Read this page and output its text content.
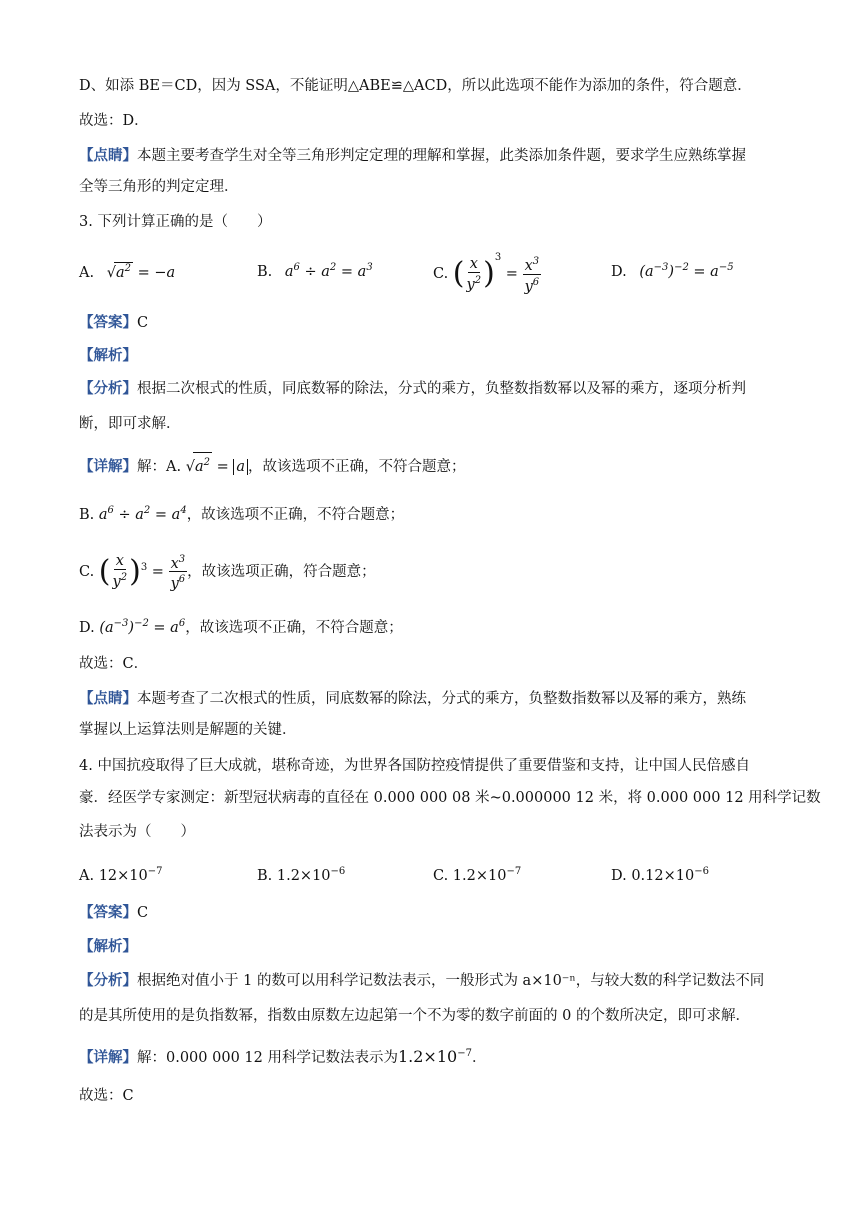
D、如添 BE＝CD，因为 SSA，不能证明△ABE≌△ACD，所以此选项不能作为添加的条件，符合题意．
故选：D．
【点睛】本题主要考查学生对全等三角形判定定理的理解和掌握，此类添加条件题，要求学生应熟练掌握
全等三角形的判定定理．
3. 下列计算正确的是（　　）
A. $√a^2 = -a$	B. $a^6 \div a^2 = a^3$	C. ( $\frac{x}{y^2} )^3 = \frac{x^3}{y^6}$	D. $(a^{-3})^{-2} = a^{-5}$
【答案】C
【解析】
【分析】根据二次根式的性质，同底数幂的除法，分式的乘方，负整数指数幂以及幂的乘方，逐项分析判
断，即可求解．
【详解】解：A. $√a^2 = a$ ，故该选项不正确，不符合题意；
B. $a^6 \div a^2 = a^4$，故该选项不正确，不符合题意；
C. ( $\frac{x}{y^2} )^3 = \frac{x^3}{y^6}$ ，故该选项正确，符合题意；
D. $(a^{-3})^{-2} = a^6$，故该选项不正确，不符合题意；
故选：C．
【点睛】本题考查了二次根式的性质，同底数幂的除法，分式的乘方，负整数指数幂以及幂的乘方，熟练
掌握以上运算法则是解题的关键．
4. 中国抗疫取得了巨大成就，堪称奇迹，为世界各国防控疫情提供了重要借鉴和支持，让中国人民倍感自
豪．经医学专家测定：新型冠状病毒的直径在 0.000 000 08 米~0.000000 12 米，将 0.000 000 12 用科学记数
法表示为（　　）
A. $12\times 10^{-7}$	B. $1.2\times 10^{-6}$	C. $1.2\times 10^{-7}$	D. $0.12\times 10^{-6}$
【答案】C
【解析】
【分析】根据绝对值小于 1 的数可以用科学记数法表示，一般形式为 a×10⁻ⁿ，与较大数的科学记数法不同
的是其所使用的是负指数幂，指数由原数左边起第一个不为零的数字前面的 0 的个数所决定，即可求解．
【详解】解：0.000 000 12 用科学记数法表示为$1.2\times 10^{-7}$．
故选：C
